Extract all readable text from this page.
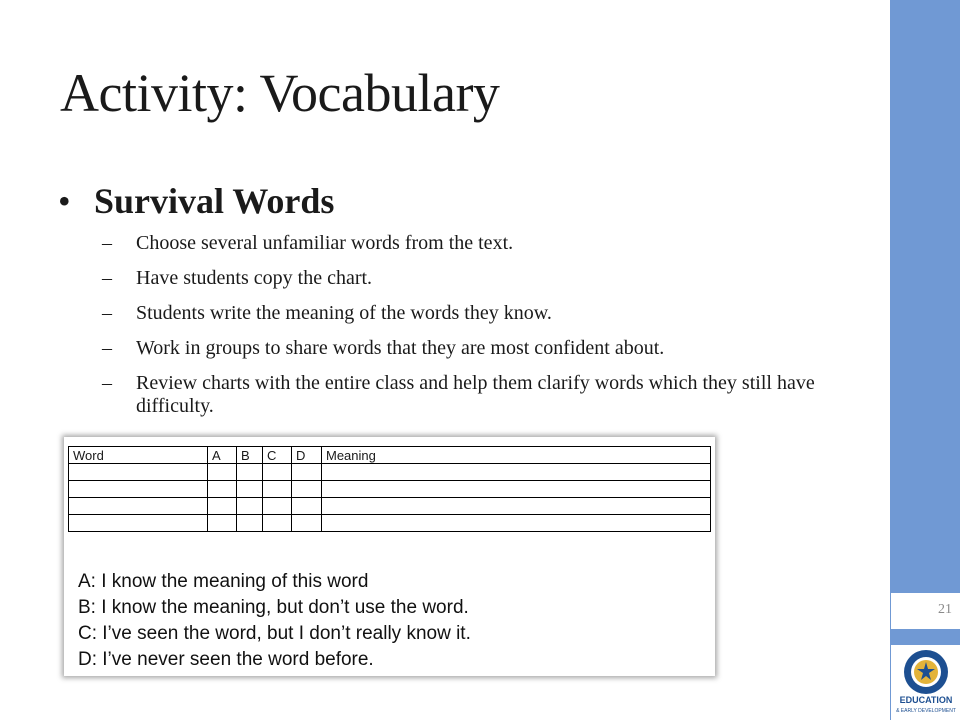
21
EDUCATION
& EARLY DEVELOPMENT
Activity: Vocabulary
• Survival Words
– Choose several unfamiliar words from the text.
– Have students copy the chart.
– Students write the meaning of the words they know.
– Work in groups to share words that they are most confident about.
– Review charts with the entire class and help them clarify words which they still have difficulty.
Word	A	B	C	D	Meaning

A: I know the meaning of this word
B: I know the meaning, but don’t use the word.
C: I’ve seen the word, but I don’t really know it.
D: I’ve never seen the word before.
